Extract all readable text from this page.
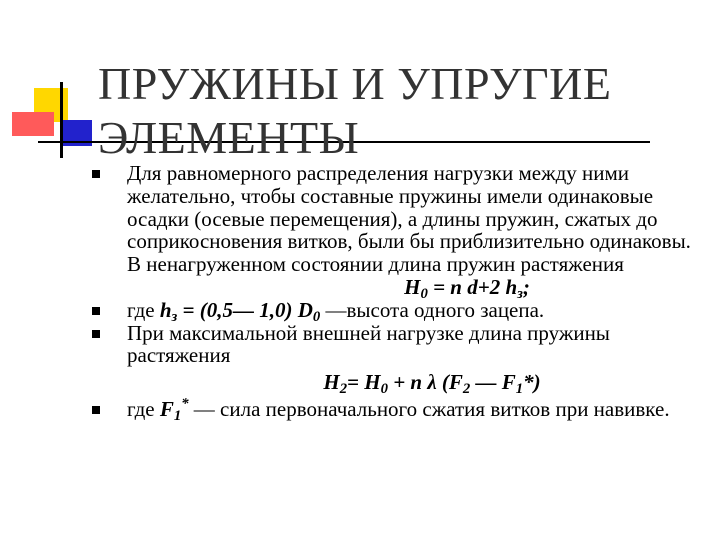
ПРУЖИНЫ И УПРУГИЕ ЭЛЕМЕНТЫ
Для равномерного распределения нагрузки между ними желательно, чтобы составные пружины имели одинаковые осадки (осевые перемещения), а длины пружин, сжатых до соприкосновения витков, были бы приблизительно одинаковы. В ненагруженном состоянии длина пружин растяжения
$H_0 = n$ d+2 $h_з$;
где $h_з$ = (0,5— 1,0) $D_0$ —высота одного зацепа.
При максимальной внешней нагрузке длина пружины растяжения
$H_2= H_0 + n$ λ ($F_2$ — $F_1*$)
где $F_1^*$ — сила первоначального сжатия витков при навивке.
